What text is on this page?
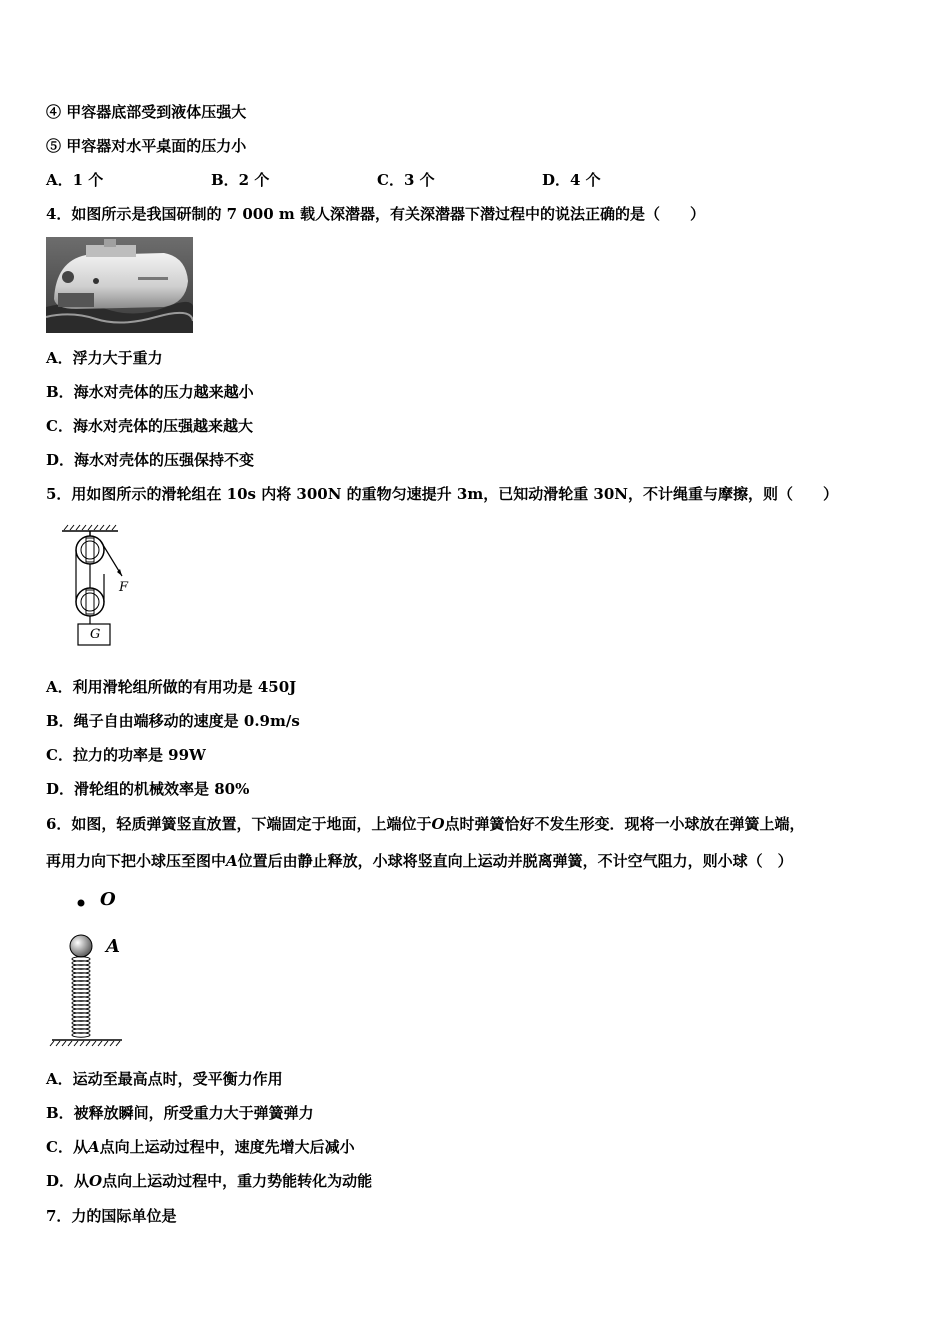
④ 甲容器底部受到液体压强大
⑤ 甲容器对水平桌面的压力小
A．1 个	B．2 个	C．3 个	D．4 个
4．如图所示是我国研制的 7 000 m 载人深潜器，有关深潜器下潜过程中的说法正确的是（　　）
A．浮力大于重力
B．海水对壳体的压力越来越小
C．海水对壳体的压强越来越大
D．海水对壳体的压强保持不变
5．用如图所示的滑轮组在 10s 内将 300N 的重物匀速提升 3m，已知动滑轮重 30N，不计绳重与摩擦，则（　　）
F
G
A．利用滑轮组所做的有用功是 450J
B．绳子自由端移动的速度是 0.9m/s
C．拉力的功率是 99W
D．滑轮组的机械效率是 80%
6．如图，轻质弹簧竖直放置，下端固定于地面，上端位于O点时弹簧恰好不发生形变．现将一小球放在弹簧上端，
再用力向下把小球压至图中A位置后由静止释放，小球将竖直向上运动并脱离弹簧，不计空气阻力，则小球（　）
O
A
A．运动至最高点时，受平衡力作用
B．被释放瞬间，所受重力大于弹簧弹力
C．从A点向上运动过程中，速度先增大后减小
D．从O点向上运动过程中，重力势能转化为动能
7．力的国际单位是
